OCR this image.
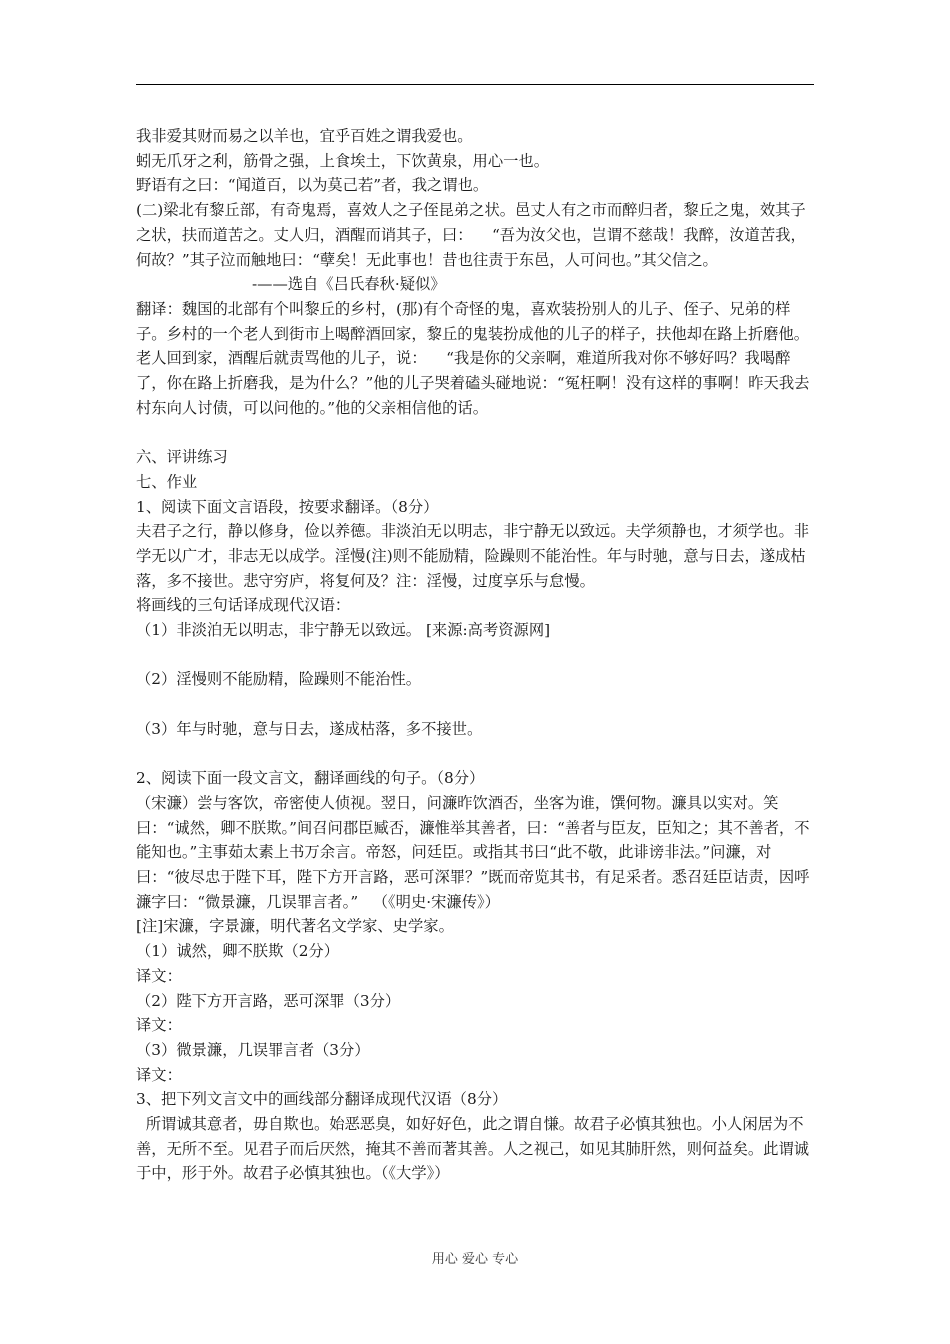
我非爱其财而易之以羊也，宜乎百姓之谓我爱也。

蚓无爪牙之利，筋骨之强，上食埃土，下饮黄泉，用心一也。

野语有之曰：“闻道百，以为莫己若”者，我之谓也。

(二)梁北有黎丘部，有奇鬼焉，喜效人之子侄昆弟之状。邑丈人有之市而醉归者，黎丘之鬼，效其子之状，扶而道苦之。丈人归，酒醒而诮其子，曰：    “吾为汝父也，岂谓不慈哉！我醉，汝道苦我，何故？”其子泣而触地曰：“孽矣！无此事也！昔也往责于东邑，人可问也。”其父信之。

-——选自《吕氏春秋·疑似》

翻译：魏国的北部有个叫黎丘的乡村，(那)有个奇怪的鬼，喜欢装扮别人的儿子、侄子、兄弟的样子。乡村的一个老人到街市上喝醉酒回家，黎丘的鬼装扮成他的儿子的样子，扶他却在路上折磨他。老人回到家，酒醒后就责骂他的儿子，说：    “我是你的父亲啊，难道所我对你不够好吗？我喝醉了，你在路上折磨我，是为什么？”他的儿子哭着磕头碰地说：“冤枉啊！没有这样的事啊！昨天我去村东向人讨债，可以问他的。”他的父亲相信他的话。

六、评讲练习

七、作业

1、阅读下面文言语段，按要求翻译。（8分）

夫君子之行，静以修身，俭以养德。非淡泊无以明志，非宁静无以致远。夫学须静也，才须学也。非学无以广才，非志无以成学。淫慢(注)则不能励精，险躁则不能治性。年与时驰，意与日去，遂成枯落，多不接世。悲守穷庐，将复何及？注：淫慢，过度享乐与怠慢。

将画线的三句话译成现代汉语：

（1）非淡泊无以明志，非宁静无以致远。 [来源:高考资源网]

（2）淫慢则不能励精，险躁则不能治性。

（3）年与时驰，意与日去，遂成枯落，多不接世。

2、阅读下面一段文言文，翻译画线的句子。（8分）

（宋濂）尝与客饮，帝密使人侦视。翌日，问濂昨饮酒否，坐客为谁，馔何物。濂具以实对。笑曰：“诚然，卿不朕欺。”间召问郡臣臧否，濂惟举其善者，曰：“善者与臣友，臣知之；其不善者，不能知也。”主事茹太素上书万余言。帝怒，问廷臣。或指其书曰“此不敬，此诽谤非法。”问濂，对曰：“彼尽忠于陛下耳，陛下方开言路，恶可深罪？”既而帝览其书，有足采者。悉召廷臣诘责，因呼濂字曰：“微景濂，几误罪言者。”   （《明史·宋濂传》）

[注]宋濂，字景濂，明代著名文学家、史学家。

（1）诚然，卿不朕欺（2分）

译文：

（2）陛下方开言路，恶可深罪（3分）

译文：

（3）微景濂，几误罪言者（3分）

译文：

3、把下列文言文中的画线部分翻译成现代汉语（8分）

所谓诚其意者，毋自欺也。始恶恶臭，如好好色，此之谓自慊。故君子必慎其独也。小人闲居为不善，无所不至。见君子而后厌然，掩其不善而著其善。人之视己，如见其肺肝然，则何益矣。此谓诚于中，形于外。故君子必慎其独也。（《大学》）

用心 爱心 专心
